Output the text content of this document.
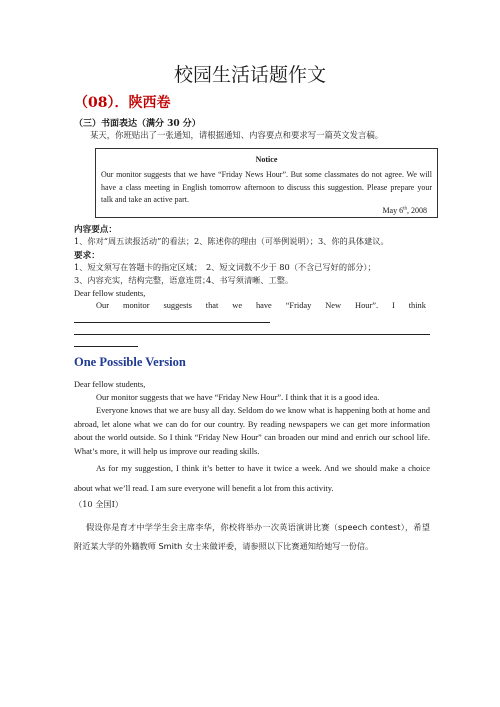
校园生活话题作文
（08）．陕西卷
（三）书面表达（满分 30 分）
某天，你班贴出了一张通知，请根据通知、内容要点和要求写一篇英文发言稿。
Notice
Our monitor suggests that we have “Friday News Hour”. But some classmates do not agree. We will have a class meeting in English tomorrow afternoon to discuss this suggestion. Please prepare your talk and take an active part.
May 6th, 2008
内容要点：
1、你对“周五读报活动”的看法；2、陈述你的理由（可举例说明）；3、你的具体建议。
要求：
1、短文须写在答题卡的指定区域； 2、短文词数不少于 80（不含已写好的部分）；
3、内容充实，结构完整，语意连贯；
4、书写须清晰、工整。
Dear fellow students,
Our monitor suggests that we have “Friday New Hour”. I think
One Possible Version
Dear fellow students,
Our monitor suggests that we have “Friday New Hour”. I think that it is a good idea.
Everyone knows that we are busy all day. Seldom do we know what is happening both at home and abroad, let alone what we can do for our country. By reading newspapers we can get more information about the world outside. So I think “Friday New Hour” can broaden our mind and enrich our school life. What’s more, it will help us improve our reading skills.
As for my suggestion, I think it’s better to have it twice a week. And we should make a choice about what we’ll read. I am sure everyone will benefit a lot from this activity.
（10 全国Ⅰ）
假设你是育才中学学生会主席李华，你校将举办一次英语演讲比赛（speech contest），希望附近某大学的外籍教师 Smith 女士来做评委，请参照以下比赛通知给她写一份信。
